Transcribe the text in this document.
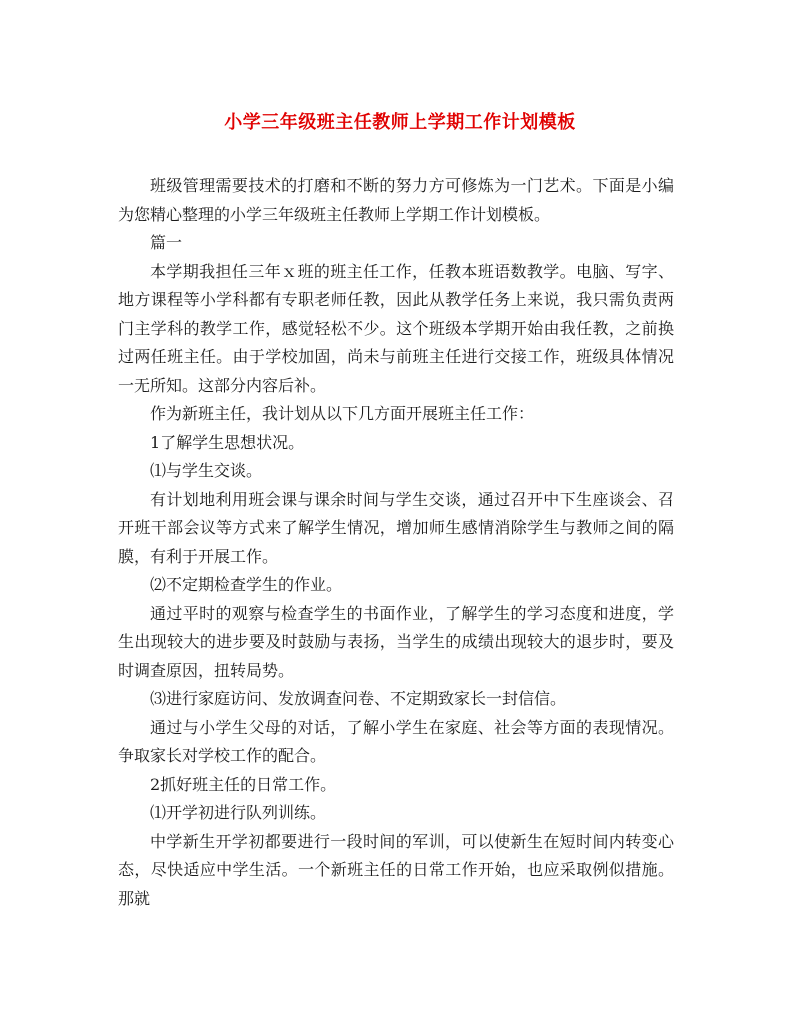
小学三年级班主任教师上学期工作计划模板

班级管理需要技术的打磨和不断的努力方可修炼为一门艺术。下面是小编为您精心整理的小学三年级班主任教师上学期工作计划模板。

篇一

本学期我担任三年ｘ班的班主任工作，任教本班语数教学。电脑、写字、地方课程等小学科都有专职老师任教，因此从教学任务上来说，我只需负责两门主学科的教学工作，感觉轻松不少。这个班级本学期开始由我任教，之前换过两任班主任。由于学校加固，尚未与前班主任进行交接工作，班级具体情况一无所知。这部分内容后补。

作为新班主任，我计划从以下几方面开展班主任工作：

1了解学生思想状况。

⑴与学生交谈。

有计划地利用班会课与课余时间与学生交谈，通过召开中下生座谈会、召开班干部会议等方式来了解学生情况，增加师生感情消除学生与教师之间的隔膜，有利于开展工作。

⑵不定期检查学生的作业。

通过平时的观察与检查学生的书面作业，了解学生的学习态度和进度，学生出现较大的进步要及时鼓励与表扬，当学生的成绩出现较大的退步时，要及时调查原因，扭转局势。

⑶进行家庭访问、发放调查问卷、不定期致家长一封信信。

通过与小学生父母的对话，了解小学生在家庭、社会等方面的表现情况。争取家长对学校工作的配合。

2抓好班主任的日常工作。

⑴开学初进行队列训练。

中学新生开学初都要进行一段时间的军训，可以使新生在短时间内转变心态，尽快适应中学生活。一个新班主任的日常工作开始，也应采取例似措施。那就
